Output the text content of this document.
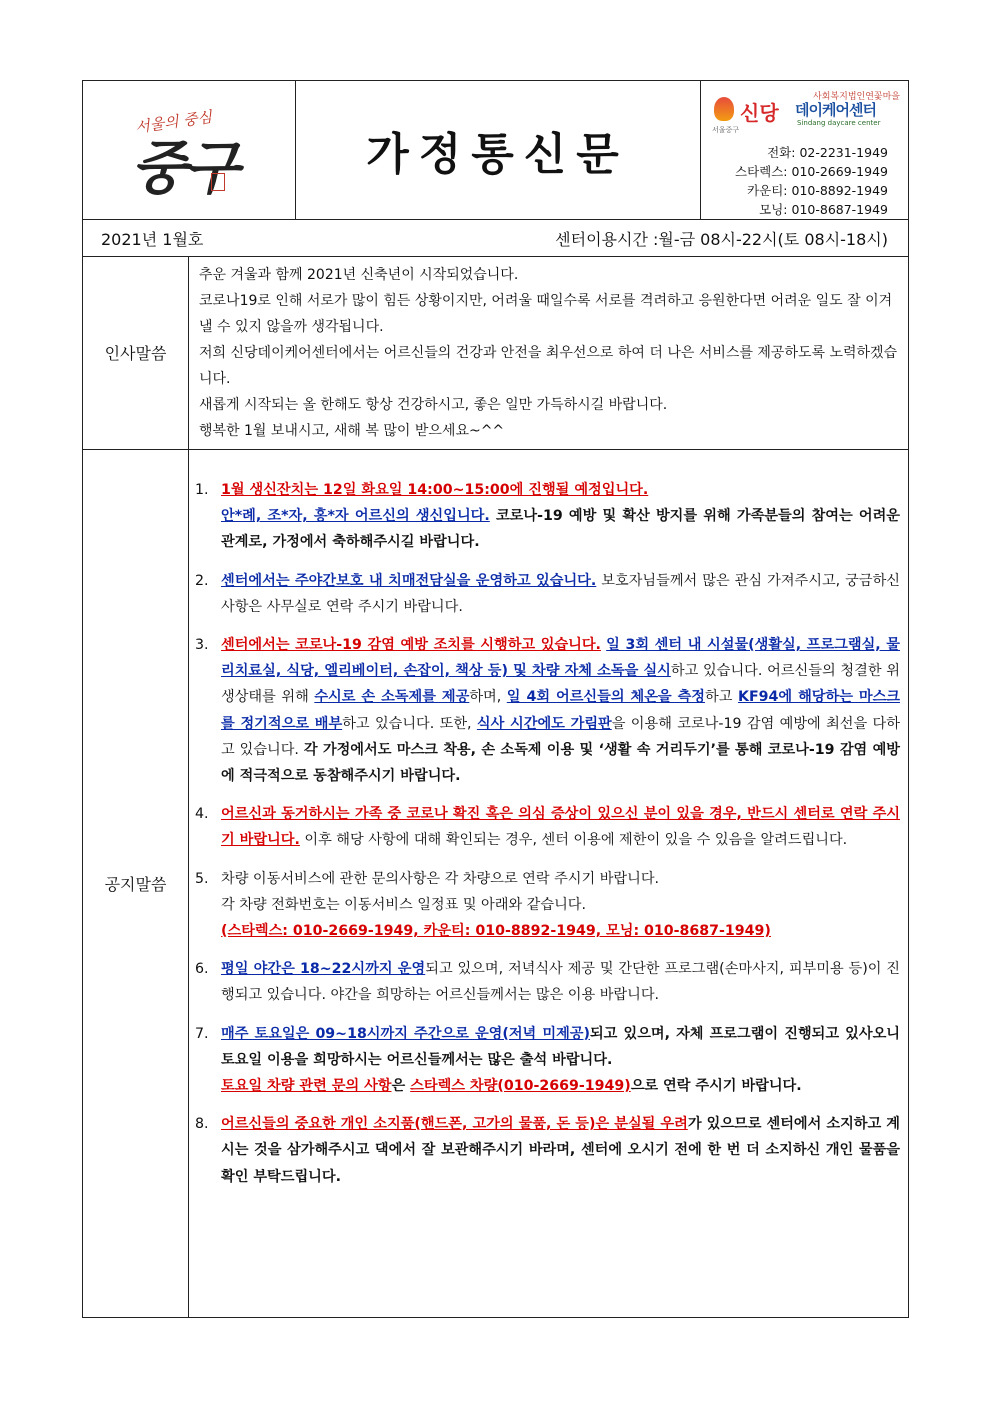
서울의 중심
중구	가정통신문
사회복지법인연꽃마을
서울중구
신당 데이케어센터
Sindang daycare center
전화: 02-2231-1949
스타렉스: 010-2669-1949
카운티: 010-8892-1949
모닝: 010-8687-1949
2021년 1월호	센터이용시간 :월-금 08시-22시(토 08시-18시)
인사말씀

추운 겨울과 함께 2021년 신축년이 시작되었습니다.

코로나19로 인해 서로가 많이 힘든 상황이지만, 어려울 때일수록 서로를 격려하고 응원한다면 어려운 일도 잘 이겨낼 수 있지 않을까 생각됩니다.

저희 신당데이케어센터에서는 어르신들의 건강과 안전을 최우선으로 하여 더 나은 서비스를 제공하도록 노력하겠습니다.

새롭게 시작되는 올 한해도 항상 건강하시고, 좋은 일만 가득하시길 바랍니다.

행복한 1월 보내시고, 새해 복 많이 받으세요~^^

공지말씀
1. 1월 생신잔치는 12일 화요일 14:00~15:00에 진행될 예정입니다.
안*례, 조*자, 홍*자 어르신의 생신입니다. 코로나-19 예방 및 확산 방지를 위해 가족분들의 참여는 어려운 관계로, 가정에서 축하해주시길 바랍니다.
2. 센터에서는 주야간보호 내 치매전담실을 운영하고 있습니다. 보호자님들께서 많은 관심 가져주시고, 궁금하신 사항은 사무실로 연락 주시기 바랍니다.
3. 센터에서는 코로나-19 감염 예방 조치를 시행하고 있습니다. 일 3회 센터 내 시설물(생활실, 프로그램실, 물리치료실, 식당, 엘리베이터, 손잡이, 책상 등) 및 차량 자체 소독을 실시하고 있습니다. 어르신들의 청결한 위생상태를 위해 수시로 손 소독제를 제공하며, 일 4회 어르신들의 체온을 측정하고 KF94에 해당하는 마스크를 정기적으로 배부하고 있습니다. 또한, 식사 시간에도 가림판을 이용해 코로나-19 감염 예방에 최선을 다하고 있습니다. 각 가정에서도 마스크 착용, 손 소독제 이용 및 ‘생활 속 거리두기’를 통해 코로나-19 감염 예방에 적극적으로 동참해주시기 바랍니다.
4. 어르신과 동거하시는 가족 중 코로나 확진 혹은 의심 증상이 있으신 분이 있을 경우, 반드시 센터로 연락 주시기 바랍니다. 이후 해당 사항에 대해 확인되는 경우, 센터 이용에 제한이 있을 수 있음을 알려드립니다.
5. 차량 이동서비스에 관한 문의사항은 각 차량으로 연락 주시기 바랍니다.
각 차량 전화번호는 이동서비스 일정표 및 아래와 같습니다.
(스타렉스: 010-2669-1949, 카운티: 010-8892-1949, 모닝: 010-8687-1949)
6. 평일 야간은 18~22시까지 운영되고 있으며, 저녁식사 제공 및 간단한 프로그램(손마사지, 피부미용 등)이 진행되고 있습니다. 야간을 희망하는 어르신들께서는 많은 이용 바랍니다.
7. 매주 토요일은 09~18시까지 주간으로 운영(저녁 미제공)되고 있으며, 자체 프로그램이 진행되고 있사오니 토요일 이용을 희망하시는 어르신들께서는 많은 출석 바랍니다.
토요일 차량 관련 문의 사항은 스타렉스 차량(010-2669-1949)으로 연락 주시기 바랍니다.
8. 어르신들의 중요한 개인 소지품(핸드폰, 고가의 물품, 돈 등)은 분실될 우려가 있으므로 센터에서 소지하고 계시는 것을 삼가해주시고 댁에서 잘 보관해주시기 바라며, 센터에 오시기 전에 한 번 더 소지하신 개인 물품을 확인 부탁드립니다.
